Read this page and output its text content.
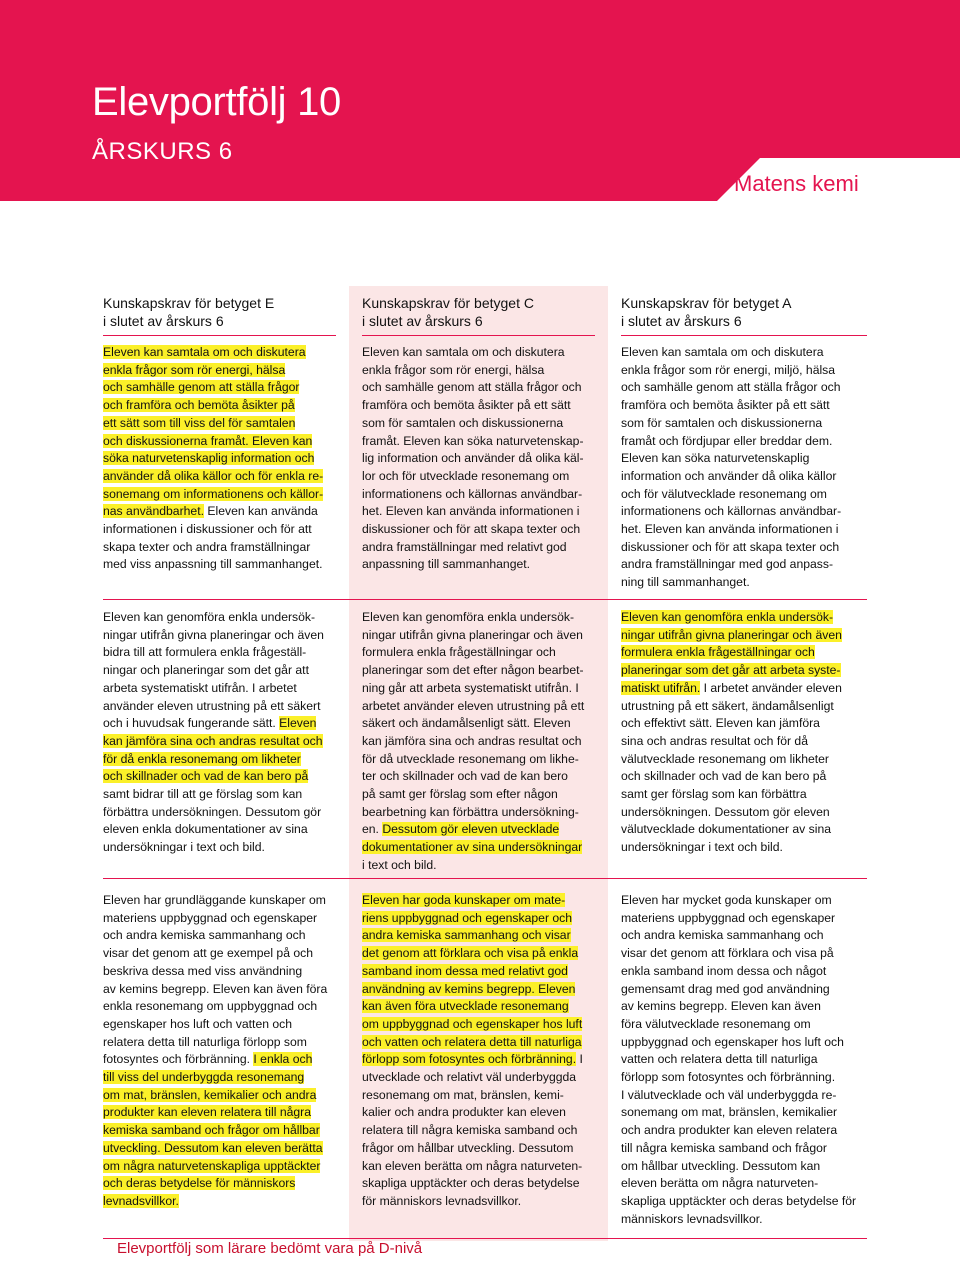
Elevportfölj 10
ÅRSKURS 6
Matens kemi
Kunskapskrav för betyget E
i slutet av årskurs 6
Kunskapskrav för betyget C
i slutet av årskurs 6
Kunskapskrav för betyget A
i slutet av årskurs 6

Eleven kan samtala om och diskutera

enkla frågor som rör energi, hälsa

och samhälle genom att ställa frågor

och framföra och bemöta åsikter på

ett sätt som till viss del för samtalen

och diskussionerna framåt. Eleven kan

söka naturvetenskaplig information och

använder då olika källor och för enkla re-

sonemang om informationens och källor-

nas användbarhet. Eleven kan använda

informationen i diskussioner och för att

skapa texter och andra framställningar

med viss anpassning till sammanhanget.

Eleven kan samtala om och diskutera

enkla frågor som rör energi, hälsa

och samhälle genom att ställa frågor och

framföra och bemöta åsikter på ett sätt

som för samtalen och diskussionerna

framåt. Eleven kan söka naturvetenskap-

lig information och använder då olika käl-

lor och för utvecklade resonemang om

informationens och källornas användbar-

het. Eleven kan använda informationen i

diskussioner och för att skapa texter och

andra framställningar med relativt god

anpassning till sammanhanget.

Eleven kan samtala om och diskutera

enkla frågor som rör energi, miljö, hälsa

och samhälle genom att ställa frågor och

framföra och bemöta åsikter på ett sätt

som för samtalen och diskussionerna

framåt och fördjupar eller breddar dem.

Eleven kan söka naturvetenskaplig

information och använder då olika källor

och för välutvecklade resonemang om

informationens och källornas användbar-

het. Eleven kan använda informationen i

diskussioner och för att skapa texter och

andra framställningar med god anpass-

ning till sammanhanget.

Eleven kan genomföra enkla undersök-

ningar utifrån givna planeringar och även

bidra till att formulera enkla frågeställ-

ningar och planeringar som det går att

arbeta systematiskt utifrån. I arbetet

använder eleven utrustning på ett säkert

och i huvudsak fungerande sätt. Eleven

kan jämföra sina och andras resultat och

för då enkla resonemang om likheter

och skillnader och vad de kan bero på

samt bidrar till att ge förslag som kan

förbättra undersökningen. Dessutom gör

eleven enkla dokumentationer av sina

undersökningar i text och bild.

Eleven kan genomföra enkla undersök-

ningar utifrån givna planeringar och även

formulera enkla frågeställningar och

planeringar som det efter någon bearbet-

ning går att arbeta systematiskt utifrån. I

arbetet använder eleven utrustning på ett

säkert och ändamålsenligt sätt. Eleven

kan jämföra sina och andras resultat och

för då utvecklade resonemang om likhe-

ter och skillnader och vad de kan bero

på samt ger förslag som efter någon

bearbetning kan förbättra undersökning-

en. Dessutom gör eleven utvecklade

dokumentationer av sina undersökningar

i text och bild.

Eleven kan genomföra enkla undersök-

ningar utifrån givna planeringar och även

formulera enkla frågeställningar och

planeringar som det går att arbeta syste-

matiskt utifrån. I arbetet använder eleven

utrustning på ett säkert, ändamålsenligt

och effektivt sätt. Eleven kan jämföra

sina och andras resultat och för då

välutvecklade resonemang om likheter

och skillnader och vad de kan bero på

samt ger förslag som kan förbättra

undersökningen. Dessutom gör eleven

välutvecklade dokumentationer av sina

undersökningar i text och bild.

Eleven har grundläggande kunskaper om

materiens uppbyggnad och egenskaper

och andra kemiska sammanhang och

visar det genom att ge exempel på och

beskriva dessa med viss användning

av kemins begrepp. Eleven kan även föra

enkla resonemang om uppbyggnad och

egenskaper hos luft och vatten och

relatera detta till naturliga förlopp som

fotosyntes och förbränning. I enkla och

till viss del underbyggda resonemang

om mat, bränslen, kemikalier och andra

produkter kan eleven relatera till några

kemiska samband och frågor om hållbar

utveckling. Dessutom kan eleven berätta

om några naturvetenskapliga upptäckter

och deras betydelse för människors

levnadsvillkor.

Eleven har goda kunskaper om mate-

riens uppbyggnad och egenskaper och

andra kemiska sammanhang och visar

det genom att förklara och visa på enkla

samband inom dessa med relativt god

användning av kemins begrepp. Eleven

kan även föra utvecklade resonemang

om uppbyggnad och egenskaper hos luft

och vatten och relatera detta till naturliga

förlopp som fotosyntes och förbränning. I

utvecklade och relativt väl underbyggda

resonemang om mat, bränslen, kemi-

kalier och andra produkter kan eleven

relatera till några kemiska samband och

frågor om hållbar utveckling. Dessutom

kan eleven berätta om några naturveten-

skapliga upptäckter och deras betydelse

för människors levnadsvillkor.

Eleven har mycket goda kunskaper om

materiens uppbyggnad och egenskaper

och andra kemiska sammanhang och

visar det genom att förklara och visa på

enkla samband inom dessa och något

gemensamt drag med god användning

av kemins begrepp. Eleven kan även

föra välutvecklade resonemang om

uppbyggnad och egenskaper hos luft och

vatten och relatera detta till naturliga

förlopp som fotosyntes och förbränning.

I välutvecklade och väl underbyggda re-

sonemang om mat, bränslen, kemikalier

och andra produkter kan eleven relatera

till några kemiska samband och frågor

om hållbar utveckling. Dessutom kan

eleven berätta om några naturveten-

skapliga upptäckter och deras betydelse för

människors levnadsvillkor.

Elevportfölj som lärare bedömt vara på D-nivå
